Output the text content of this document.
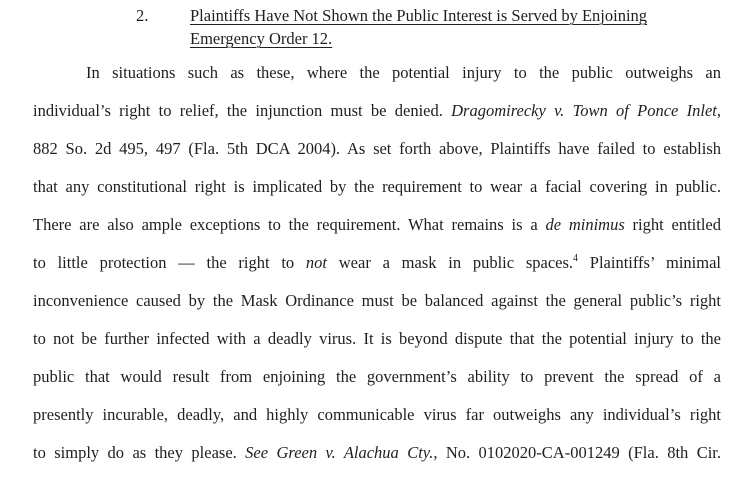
2.	Plaintiffs Have Not Shown the Public Interest is Served by Enjoining
Emergency Order 12.
In situations such as these, where the potential injury to the public outweighs an
individual’s right to relief, the injunction must be denied. Dragomirecky v. Town of Ponce Inlet,
882 So. 2d 495, 497 (Fla. 5th DCA 2004). As set forth above, Plaintiffs have failed to establish
that any constitutional right is implicated by the requirement to wear a facial covering in public.
There are also ample exceptions to the requirement. What remains is a de minimus right entitled
to little protection — the right to not wear a mask in public spaces.$^4$ Plaintiffs’ minimal
inconvenience caused by the Mask Ordinance must be balanced against the general public’s right
to not be further infected with a deadly virus. It is beyond dispute that the potential injury to the
public that would result from enjoining the government’s ability to prevent the spread of a
presently incurable, deadly, and highly communicable virus far outweighs any individual’s right
to simply do as they please. See Green v. Alachua Cty., No. 0102020-CA-001249 (Fla. 8th Cir.
